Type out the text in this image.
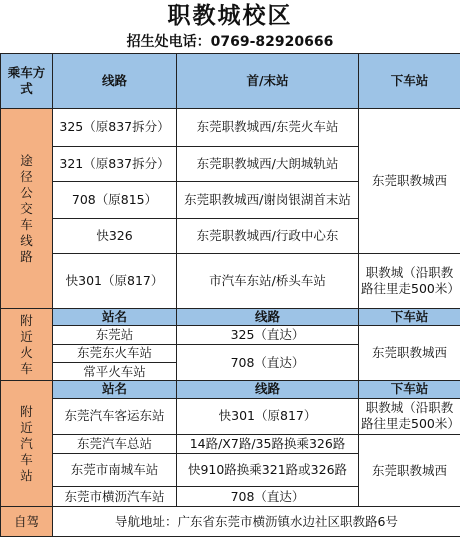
职教城校区
招生处电话：0769-82920666
乘车方式	线路	首/末站	下车站
途径公交车线路	325（原837拆分）	东莞职教城西/东莞火车站	东莞职教城西
	321（原837拆分）	东莞职教城西/大朗城轨站	
	708（原815）	东莞职教城西/谢岗银湖首末站	
	快326	东莞职教城西/行政中心东	
	快301（原817）	市汽车东站/桥头车站	职教城（沿职教路往里走500米）
附近火车	站名	线路	下车站
	东莞站	325（直达）	东莞职教城西
	东莞东火车站	708（直达）	
	常平火车站		
附近汽车站	站名	线路	下车站
	东莞汽车客运东站	快301（原817）	职教城（沿职教路往里走500米）
	东莞汽车总站	14路/X7路/35路换乘326路	东莞职教城西
	东莞市南城车站	快910路换乘321路或326路	
	东莞市横沥汽车站	708（直达）	
自驾	导航地址：广东省东莞市横沥镇水边社区职教路6号		
